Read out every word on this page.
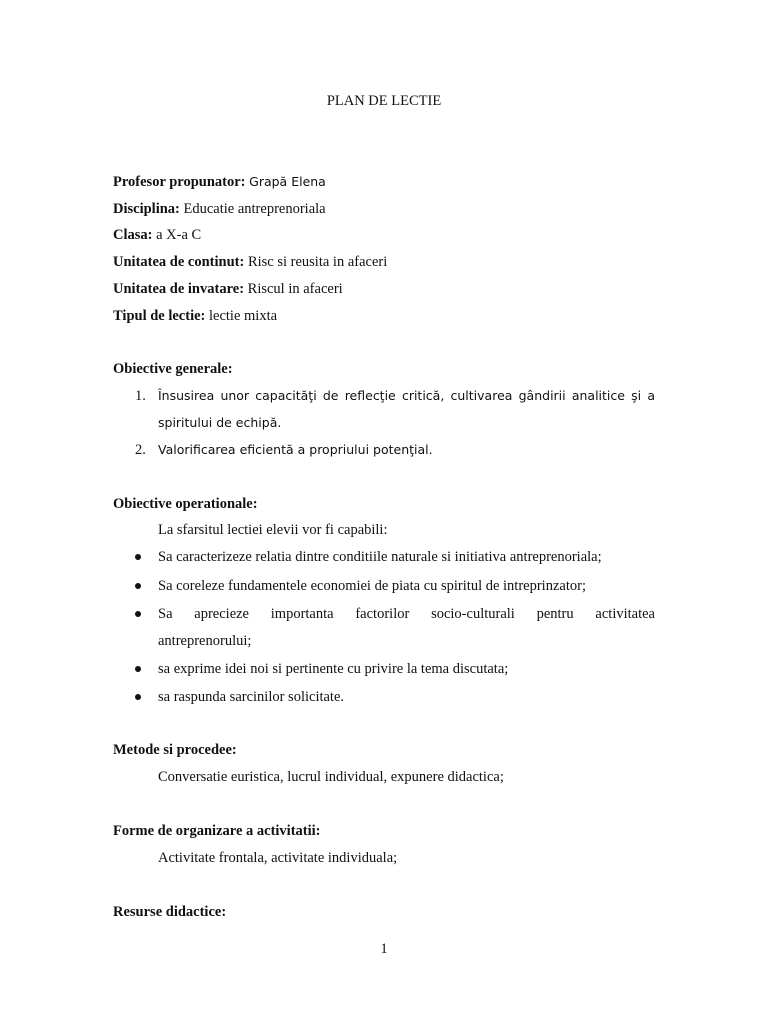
PLAN DE LECTIE
Profesor propunator: Grapă Elena
Disciplina: Educatie antreprenoriala
Clasa: a X-a C
Unitatea de continut: Risc si reusita in afaceri
Unitatea de invatare: Riscul in afaceri
Tipul de lectie: lectie mixta
Obiective generale:
1. Însusirea unor capacităţi de reflecţie critică, cultivarea gândirii analitice şi a
spiritului de echipă.
2. Valorificarea eficientă a propriului potenţial.
Obiective operationale:
La sfarsitul lectiei elevii vor fi capabili:
Sa caracterizeze relatia dintre conditiile naturale si initiativa antreprenoriala;
Sa coreleze fundamentele economiei de piata cu spiritul de intreprinzator;
Sa aprecieze importanta factorilor socio-culturali pentru activitatea
antreprenorului;
sa exprime idei noi si pertinente cu privire la tema discutata;
sa raspunda sarcinilor solicitate.
Metode si procedee:
Conversatie euristica, lucrul individual, expunere didactica;
Forme de organizare a activitatii:
Activitate frontala, activitate individuala;
Resurse didactice:
1
